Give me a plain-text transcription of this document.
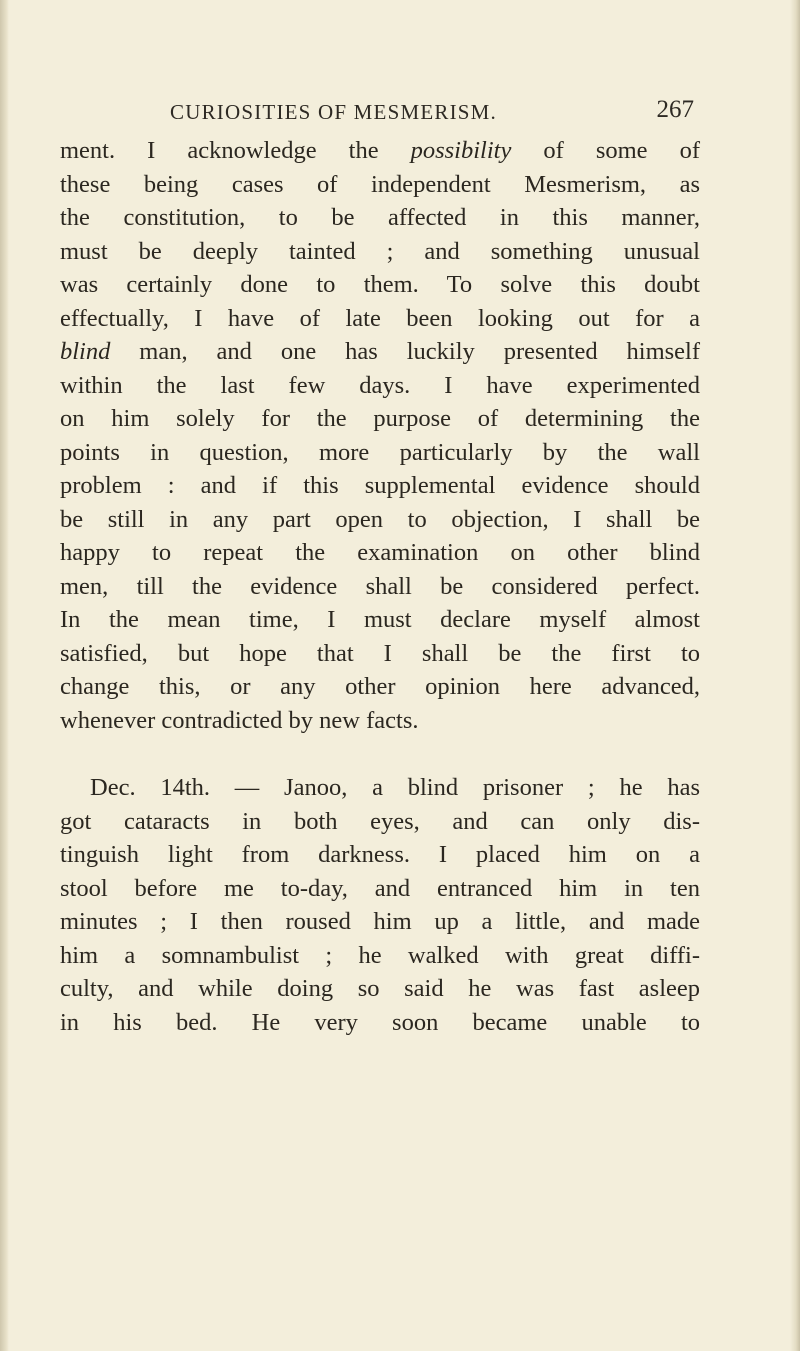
CURIOSITIES OF MESMERISM.	267
ment. I acknowledge the possibility of some of
these being cases of independent Mesmerism, as
the constitution, to be affected in this manner,
must be deeply tainted ; and something unusual
was certainly done to them. To solve this doubt
effectually, I have of late been looking out for a
blind man, and one has luckily presented himself
within the last few days. I have experimented
on him solely for the purpose of determining the
points in question, more particularly by the wall
problem : and if this supplemental evidence should
be still in any part open to objection, I shall be
happy to repeat the examination on other blind
men, till the evidence shall be considered perfect.
In the mean time, I must declare myself almost
satisfied, but hope that I shall be the first to
change this, or any other opinion here advanced,
whenever contradicted by new facts.
Dec. 14th. — Janoo, a blind prisoner ; he has
got cataracts in both eyes, and can only dis-
tinguish light from darkness. I placed him on a
stool before me to-day, and entranced him in ten
minutes ; I then roused him up a little, and made
him a somnambulist ; he walked with great diffi-
culty, and while doing so said he was fast asleep
in his bed. He very soon became unable to
